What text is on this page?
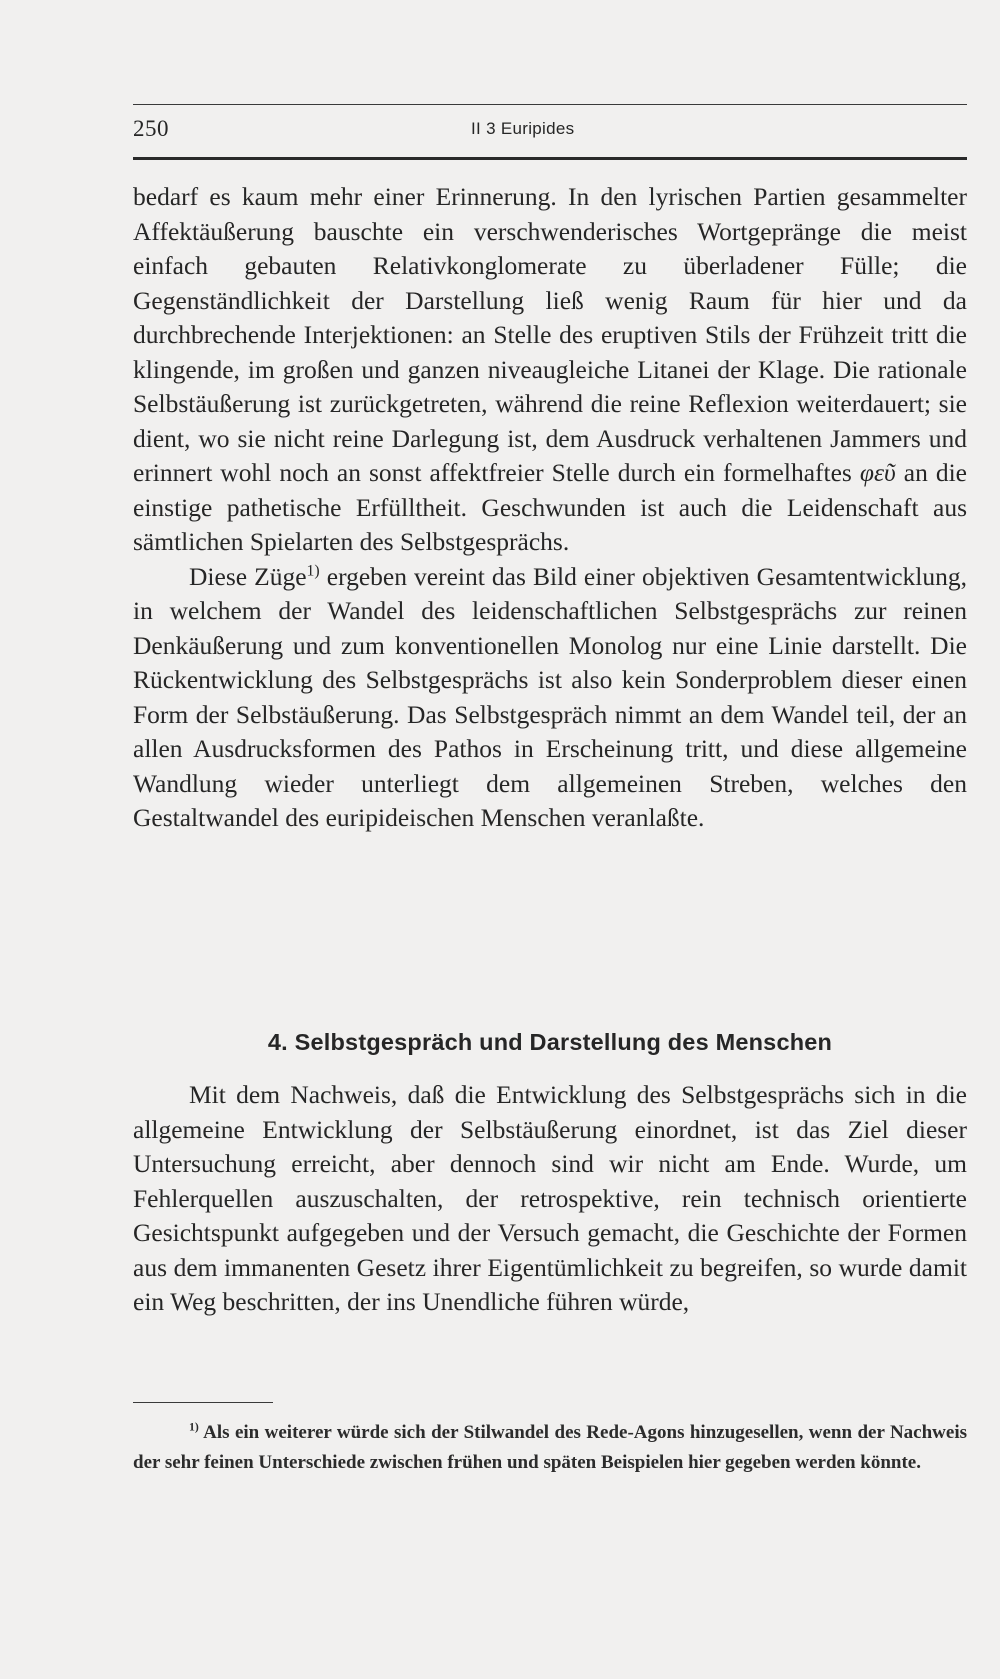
250	II 3 Euripides

bedarf es kaum mehr einer Erinnerung. In den lyrischen Partien gesammelter Affektäußerung bauschte ein verschwenderisches Wortgepränge die meist einfach gebauten Relativkonglomerate zu überladener Fülle; die Gegenständlichkeit der Darstellung ließ wenig Raum für hier und da durchbrechende Interjektionen: an Stelle des eruptiven Stils der Frühzeit tritt die klingende, im großen und ganzen niveaugleiche Litanei der Klage. Die rationale Selbstäußerung ist zurückgetreten, während die reine Reflexion weiterdauert; sie dient, wo sie nicht reine Darlegung ist, dem Ausdruck verhaltenen Jammers und erinnert wohl noch an sonst affektfreier Stelle durch ein formelhaftes φεῦ an die einstige pathetische Erfülltheit. Geschwunden ist auch die Leidenschaft aus sämtlichen Spielarten des Selbstgesprächs.

Diese Züge$^{1)}$ ergeben vereint das Bild einer objektiven Gesamtentwicklung, in welchem der Wandel des leidenschaftlichen Selbstgesprächs zur reinen Denkäußerung und zum konventionellen Monolog nur eine Linie darstellt. Die Rückentwicklung des Selbstgesprächs ist also kein Sonderproblem dieser einen Form der Selbstäußerung. Das Selbstgespräch nimmt an dem Wandel teil, der an allen Ausdrucksformen des Pathos in Erscheinung tritt, und diese allgemeine Wandlung wieder unterliegt dem allgemeinen Streben, welches den Gestaltwandel des euripideischen Menschen veranlaßte.

4. Selbstgespräch und Darstellung des Menschen

Mit dem Nachweis, daß die Entwicklung des Selbstgesprächs sich in die allgemeine Entwicklung der Selbstäußerung einordnet, ist das Ziel dieser Untersuchung erreicht, aber dennoch sind wir nicht am Ende. Wurde, um Fehlerquellen auszuschalten, der retrospektive, rein technisch orientierte Gesichtspunkt aufgegeben und der Versuch gemacht, die Geschichte der Formen aus dem immanenten Gesetz ihrer Eigentümlichkeit zu begreifen, so wurde damit ein Weg beschritten, der ins Unendliche führen würde,

$^{1)}$ Als ein weiterer würde sich der Stilwandel des Rede-Agons hinzugesellen, wenn der Nachweis der sehr feinen Unterschiede zwischen frühen und späten Beispielen hier gegeben werden könnte.
